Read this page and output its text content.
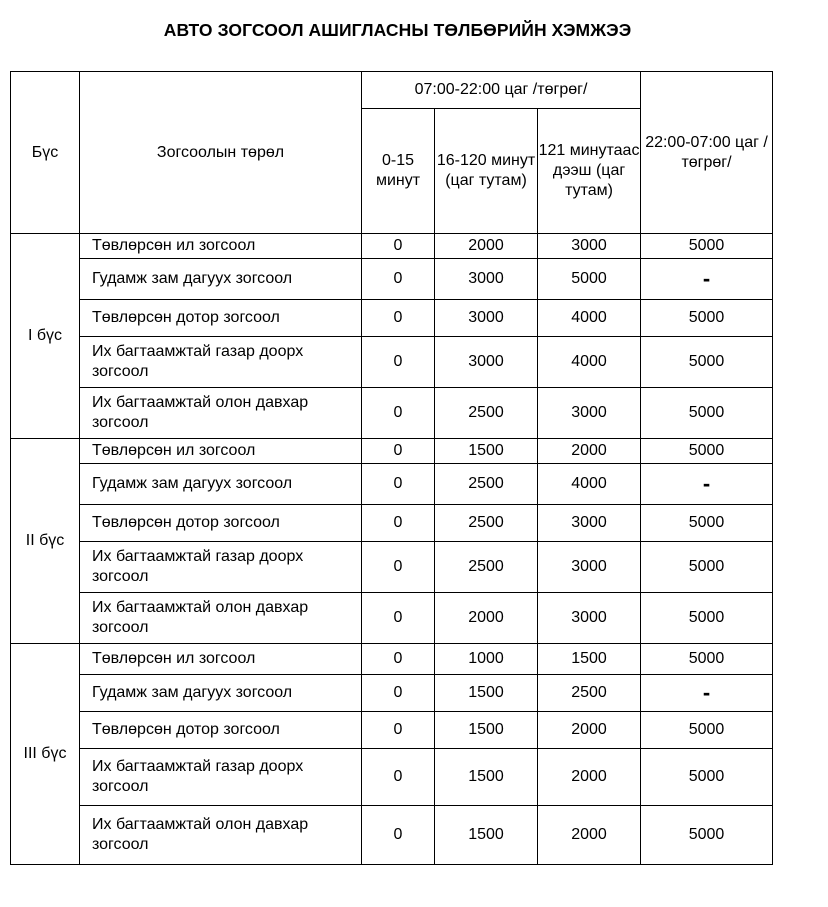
АВТО ЗОГСООЛ АШИГЛАСНЫ ТӨЛБӨРИЙН ХЭМЖЭЭ
Бүс	Зогсоолын төрөл	07:00-22:00 цаг /төгрөг/			22:00-07:00 цаг /төгрөг/
		0-15 минут	16-120 минут (цаг тутам)	121 минутаас дээш (цаг тутам)	
I бүс	Төвлөрсөн ил зогсоол	0	2000	3000	5000
	Гудамж зам дагуух зогсоол	0	3000	5000	-
	Төвлөрсөн дотор зогсоол	0	3000	4000	5000
	Их багтаамжтай газар доорх зогсоол	0	3000	4000	5000
	Их багтаамжтай олон давхар зогсоол	0	2500	3000	5000
II бүс	Төвлөрсөн ил зогсоол	0	1500	2000	5000
	Гудамж зам дагуух зогсоол	0	2500	4000	-
	Төвлөрсөн дотор зогсоол	0	2500	3000	5000
	Их багтаамжтай газар доорх зогсоол	0	2500	3000	5000
	Их багтаамжтай олон давхар зогсоол	0	2000	3000	5000
III бүс	Төвлөрсөн ил зогсоол	0	1000	1500	5000
	Гудамж зам дагуух зогсоол	0	1500	2500	-
	Төвлөрсөн дотор зогсоол	0	1500	2000	5000
	Их багтаамжтай газар доорх зогсоол	0	1500	2000	5000
	Их багтаамжтай олон давхар зогсоол	0	1500	2000	5000
